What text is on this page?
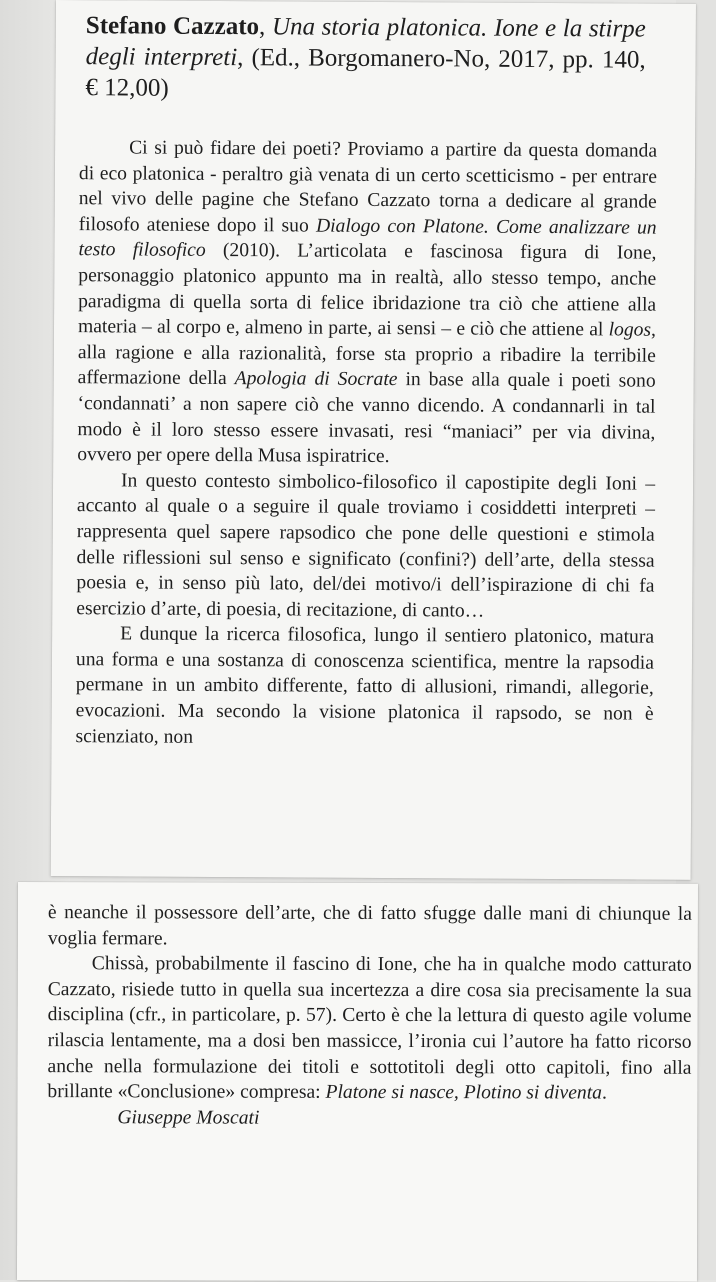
Stefano Cazzato, Una storia platonica. Ione e la stirpe degli interpreti, (Ed., Borgomanero-No, 2017, pp. 140, € 12,00)

Ci si può fidare dei poeti? Proviamo a partire da questa domanda di eco platonica - peraltro già venata di un certo scetticismo - per entrare nel vivo delle pagine che Stefano Cazzato torna a dedicare al grande filosofo ateniese dopo il suo Dialogo con Platone. Come analizzare un testo filosofico (2010). L’articolata e fascinosa figura di Ione, personaggio platonico appunto ma in realtà, allo stesso tempo, anche paradigma di quella sorta di felice ibridazione tra ciò che attiene alla materia – al corpo e, almeno in parte, ai sensi – e ciò che attiene al logos, alla ragione e alla razionalità, forse sta proprio a ribadire la terribile affermazione della Apologia di Socrate in base alla quale i poeti sono ‘condannati’ a non sapere ciò che vanno dicendo. A condannarli in tal modo è il loro stesso essere invasati, resi “maniaci” per via divina, ovvero per opere della Musa ispiratrice.

In questo contesto simbolico-filosofico il capostipite degli Ioni – accanto al quale o a seguire il quale troviamo i cosiddetti interpreti – rappresenta quel sapere rapsodico che pone delle questioni e stimola delle riflessioni sul senso e significato (confini?) dell’arte, della stessa poesia e, in senso più lato, del/dei motivo/i dell’ispirazione di chi fa esercizio d’arte, di poesia, di recitazione, di canto…

E dunque la ricerca filosofica, lungo il sentiero platonico, matura una forma e una sostanza di conoscenza scientifica, mentre la rapsodia permane in un ambito differente, fatto di allusioni, rimandi, allegorie, evocazioni. Ma secondo la visione platonica il rapsodo, se non è scienziato, non

è neanche il possessore dell’arte, che di fatto sfugge dalle mani di chiunque la voglia fermare.

Chissà, probabilmente il fascino di Ione, che ha in qualche modo catturato Cazzato, risiede tutto in quella sua incertezza a dire cosa sia precisamente la sua disciplina (cfr., in particolare, p. 57). Certo è che la lettura di questo agile volume rilascia lentamente, ma a dosi ben massicce, l’ironia cui l’autore ha fatto ricorso anche nella formulazione dei titoli e sottotitoli degli otto capitoli, fino alla brillante «Conclusione» compresa: Platone si nasce, Plotino si diventa.

Giuseppe Moscati
